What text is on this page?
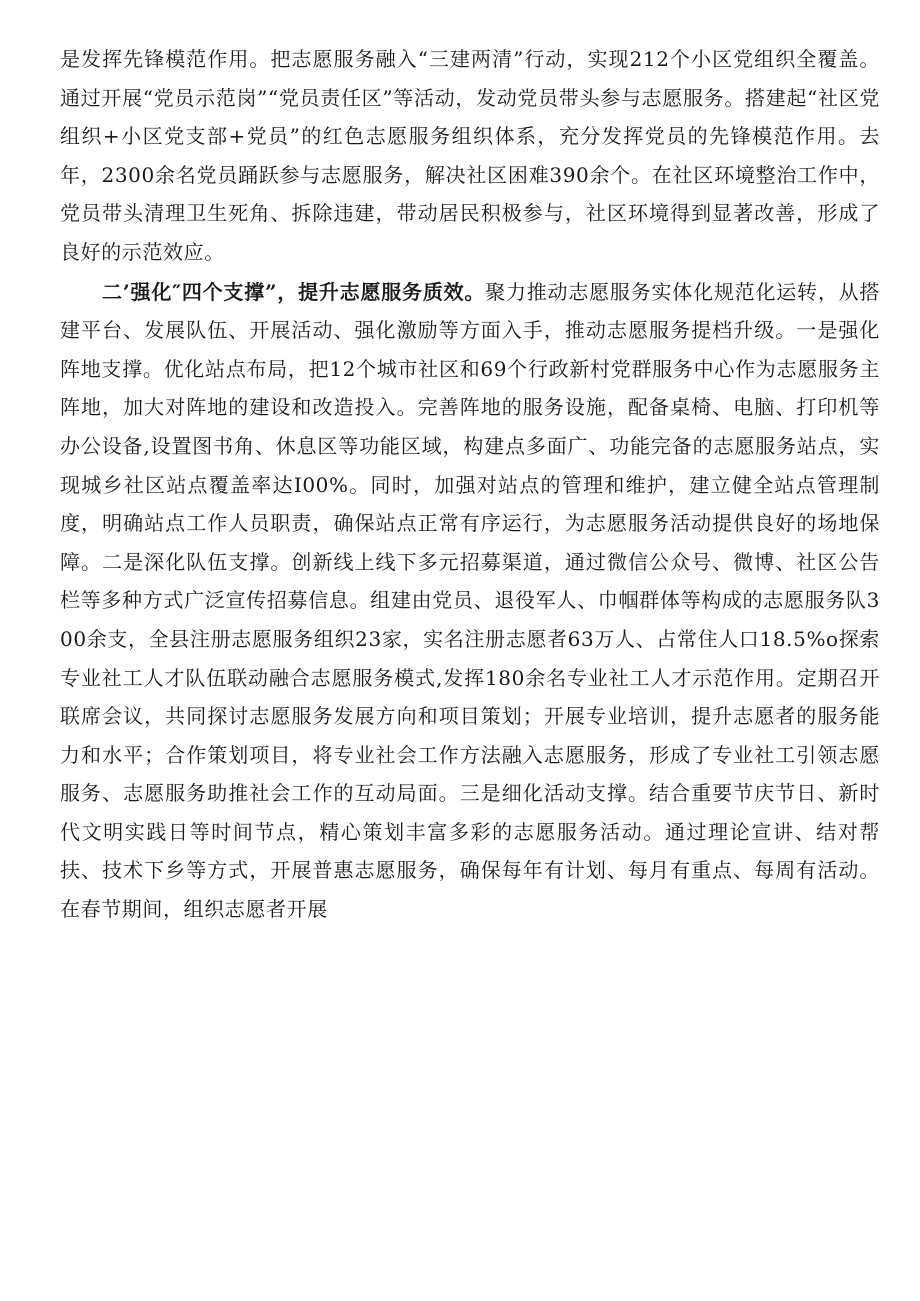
是发挥先锋模范作用。把志愿服务融入“三建两清”行动，实现212个小区党组织全覆盖。通过开展“党员示范岗”“党员责任区”等活动，发动党员带头参与志愿服务。搭建起“社区党组织+小区党支部+党员”的红色志愿服务组织体系，充分发挥党员的先锋模范作用。去年，2300余名党员踊跃参与志愿服务，解决社区困难390余个。在社区环境整治工作中，党员带头清理卫生死角、拆除违建，带动居民积极参与，社区环境得到显著改善，形成了良好的示范效应。

二’强化″四个支撑”，提升志愿服务质效。聚力推动志愿服务实体化规范化运转，从搭建平台、发展队伍、开展活动、强化激励等方面入手，推动志愿服务提档升级。一是强化阵地支撑。优化站点布局，把12个城市社区和69个行政新村党群服务中心作为志愿服务主阵地，加大对阵地的建设和改造投入。完善阵地的服务设施，配备桌椅、电脑、打印机等办公设备,设置图书角、休息区等功能区域，构建点多面广、功能完备的志愿服务站点，实现城乡社区站点覆盖率达I00%。同时，加强对站点的管理和维护，建立健全站点管理制度，明确站点工作人员职责，确保站点正常有序运行，为志愿服务活动提供良好的场地保障。二是深化队伍支撑。创新线上线下多元招募渠道，通过微信公众号、微博、社区公告栏等多种方式广泛宣传招募信息。组建由党员、退役军人、巾帼群体等构成的志愿服务队300余支，全县注册志愿服务组织23家，实名注册志愿者63万人、占常住人口18.5%o探索专业社工人才队伍联动融合志愿服务模式,发挥180余名专业社工人才示范作用。定期召开联席会议，共同探讨志愿服务发展方向和项目策划；开展专业培训，提升志愿者的服务能力和水平；合作策划项目，将专业社会工作方法融入志愿服务，形成了专业社工引领志愿服务、志愿服务助推社会工作的互动局面。三是细化活动支撑。结合重要节庆节日、新时代文明实践日等时间节点，精心策划丰富多彩的志愿服务活动。通过理论宣讲、结对帮扶、技术下乡等方式，开展普惠志愿服务，确保每年有计划、每月有重点、每周有活动。在春节期间，组织志愿者开展
